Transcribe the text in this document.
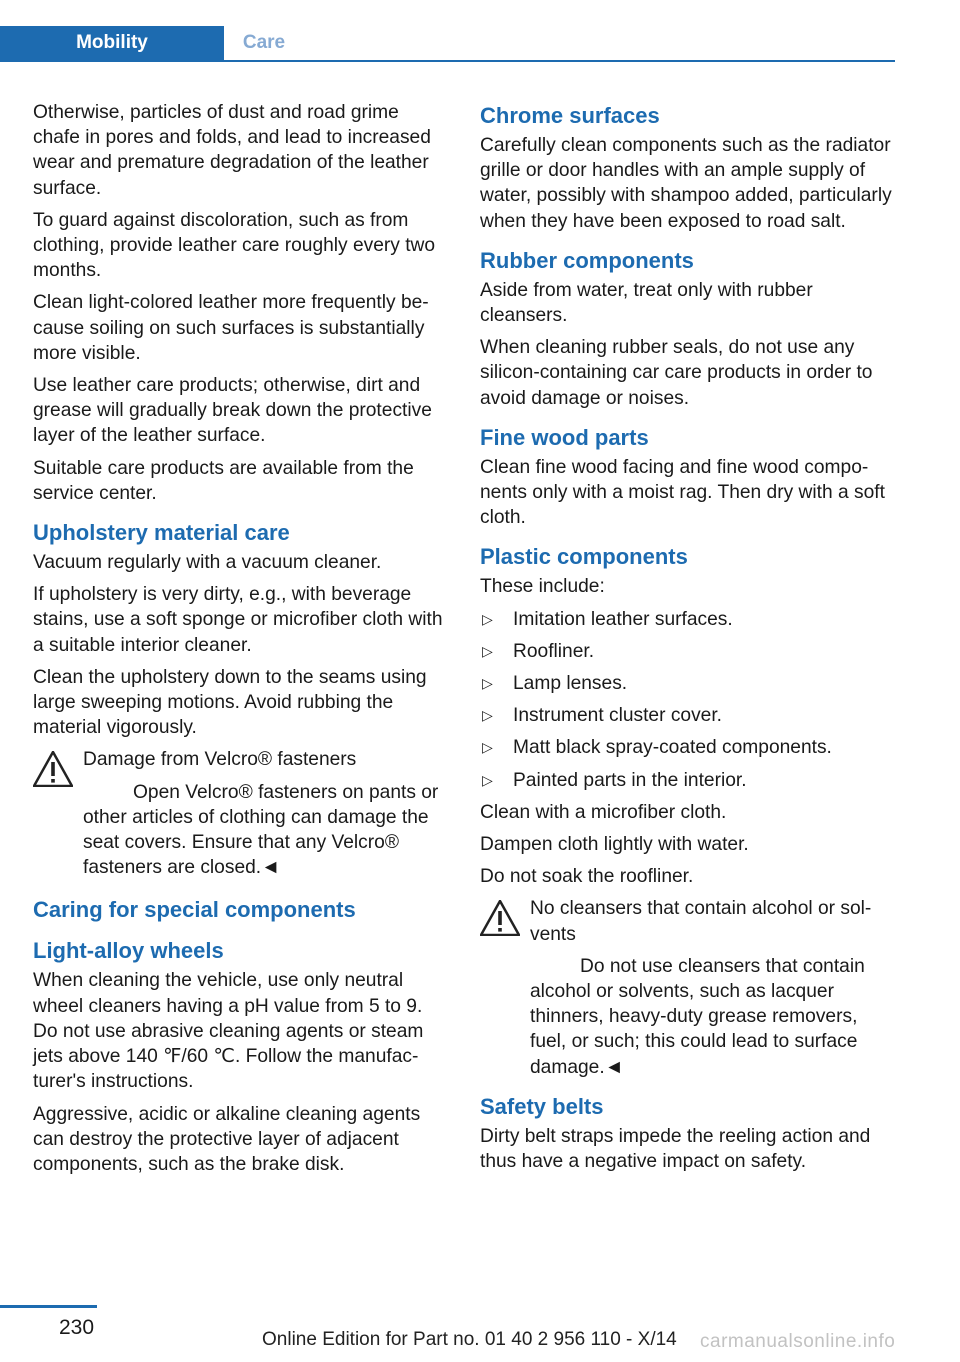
Mobility	Care

Otherwise, particles of dust and road grime chafe in pores and folds, and lead to increased wear and premature degradation of the leather surface.

To guard against discoloration, such as from clothing, provide leather care roughly every two months.

Clean light-colored leather more frequently because soiling on such surfaces is substantially more visible.

Use leather care products; otherwise, dirt and grease will gradually break down the protective layer of the leather surface.

Suitable care products are available from the service center.

Upholstery material care

Vacuum regularly with a vacuum cleaner.

If upholstery is very dirty, e.g., with beverage stains, use a soft sponge or microfiber cloth with a suitable interior cleaner.

Clean the upholstery down to the seams using large sweeping motions. Avoid rubbing the material vigorously.

Damage from Velcro® fasteners

Open Velcro® fasteners on pants or other articles of clothing can damage the seat covers. Ensure that any Velcro® fasteners are closed.◄

Caring for special components
Light-alloy wheels

When cleaning the vehicle, use only neutral wheel cleaners having a pH value from 5 to 9. Do not use abrasive cleaning agents or steam jets above 140 ℉/60 ℃. Follow the manufacturer's instructions.

Aggressive, acidic or alkaline cleaning agents can destroy the protective layer of adjacent components, such as the brake disk.

Chrome surfaces

Carefully clean components such as the radiator grille or door handles with an ample supply of water, possibly with shampoo added, particularly when they have been exposed to road salt.

Rubber components

Aside from water, treat only with rubber cleansers.

When cleaning rubber seals, do not use any silicon-containing car care products in order to avoid damage or noises.

Fine wood parts

Clean fine wood facing and fine wood components only with a moist rag. Then dry with a soft cloth.

Plastic components

These include:

▷ Imitation leather surfaces.
▷ Roofliner.
▷ Lamp lenses.
▷ Instrument cluster cover.
▷ Matt black spray-coated components.
▷ Painted parts in the interior.

Clean with a microfiber cloth.

Dampen cloth lightly with water.

Do not soak the roofliner.

No cleansers that contain alcohol or solvents

Do not use cleansers that contain alcohol or solvents, such as lacquer thinners, heavy-duty grease removers, fuel, or such; this could lead to surface damage.◄

Safety belts

Dirty belt straps impede the reeling action and thus have a negative impact on safety.

230
Online Edition for Part no. 01 40 2 956 110 - X/14 carmanualsonline.info
